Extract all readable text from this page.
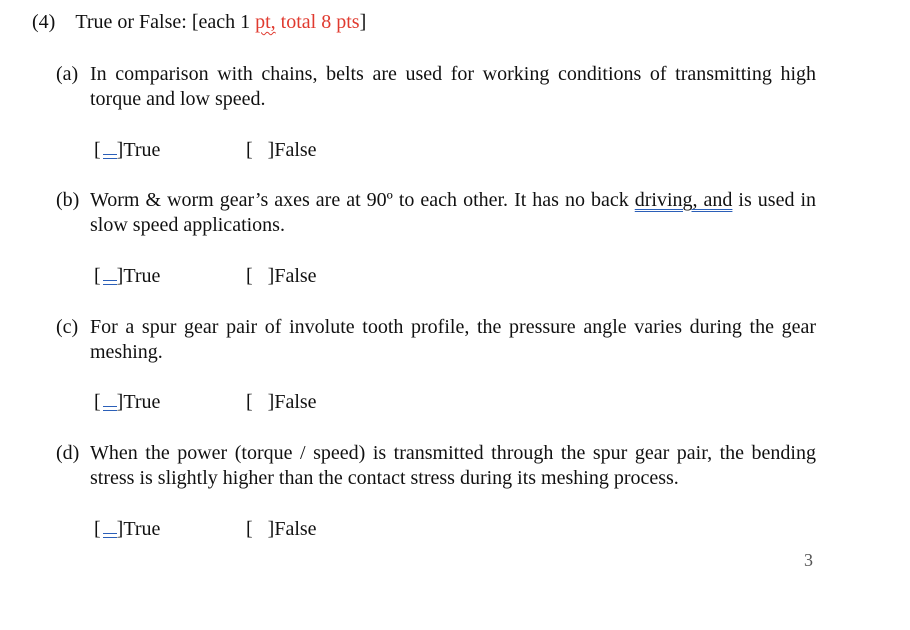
(4) True or False: [each 1 pt, total 8 pts]
(a) In comparison with chains, belts are used for working conditions of transmitting high torque and low speed.
[ ]True	[   ]False
(b) Worm & worm gear’s axes are at 90º to each other. It has no back driving, and is used in slow speed applications.
[ ]True	[   ]False
(c) For a spur gear pair of involute tooth profile, the pressure angle varies during the gear meshing.
[ ]True	[   ]False
(d) When the power (torque / speed) is transmitted through the spur gear pair, the bending stress is slightly higher than the contact stress during its meshing process.
[ ]True	[   ]False
3
